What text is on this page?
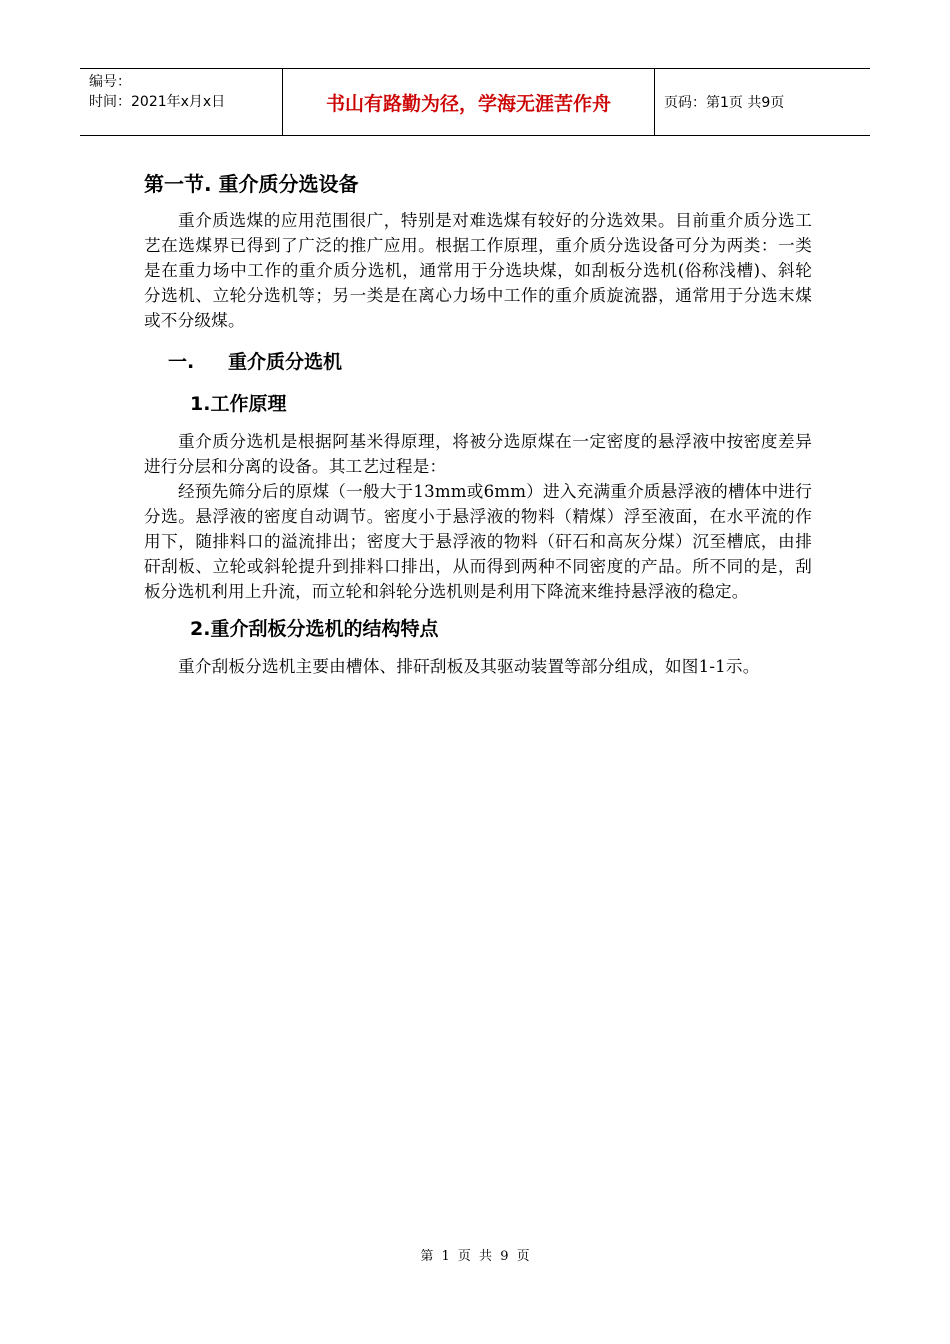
编号：
时间：2021年x月x日	书山有路勤为径，学海无涯苦作舟	页码：第1页 共9页
第一节. 重介质分选设备

重介质选煤的应用范围很广，特别是对难选煤有较好的分选效果。目前重介质分选工艺在选煤界已得到了广泛的推广应用。根据工作原理，重介质分选设备可分为两类：一类是在重力场中工作的重介质分选机，通常用于分选块煤，如刮板分选机(俗称浅槽)、斜轮分选机、立轮分选机等；另一类是在离心力场中工作的重介质旋流器，通常用于分选末煤或不分级煤。

一. 重介质分选机
1.工作原理

重介质分选机是根据阿基米得原理，将被分选原煤在一定密度的悬浮液中按密度差异进行分层和分离的设备。其工艺过程是：

经预先筛分后的原煤（一般大于13mm或6mm）进入充满重介质悬浮液的槽体中进行分选。悬浮液的密度自动调节。密度小于悬浮液的物料（精煤）浮至液面，在水平流的作用下，随排料口的溢流排出；密度大于悬浮液的物料（矸石和高灰分煤）沉至槽底，由排矸刮板、立轮或斜轮提升到排料口排出，从而得到两种不同密度的产品。所不同的是，刮板分选机利用上升流，而立轮和斜轮分选机则是利用下降流来维持悬浮液的稳定。

2.重介刮板分选机的结构特点

重介刮板分选机主要由槽体、排矸刮板及其驱动装置等部分组成，如图1-1示。

第 1 页 共 9 页
